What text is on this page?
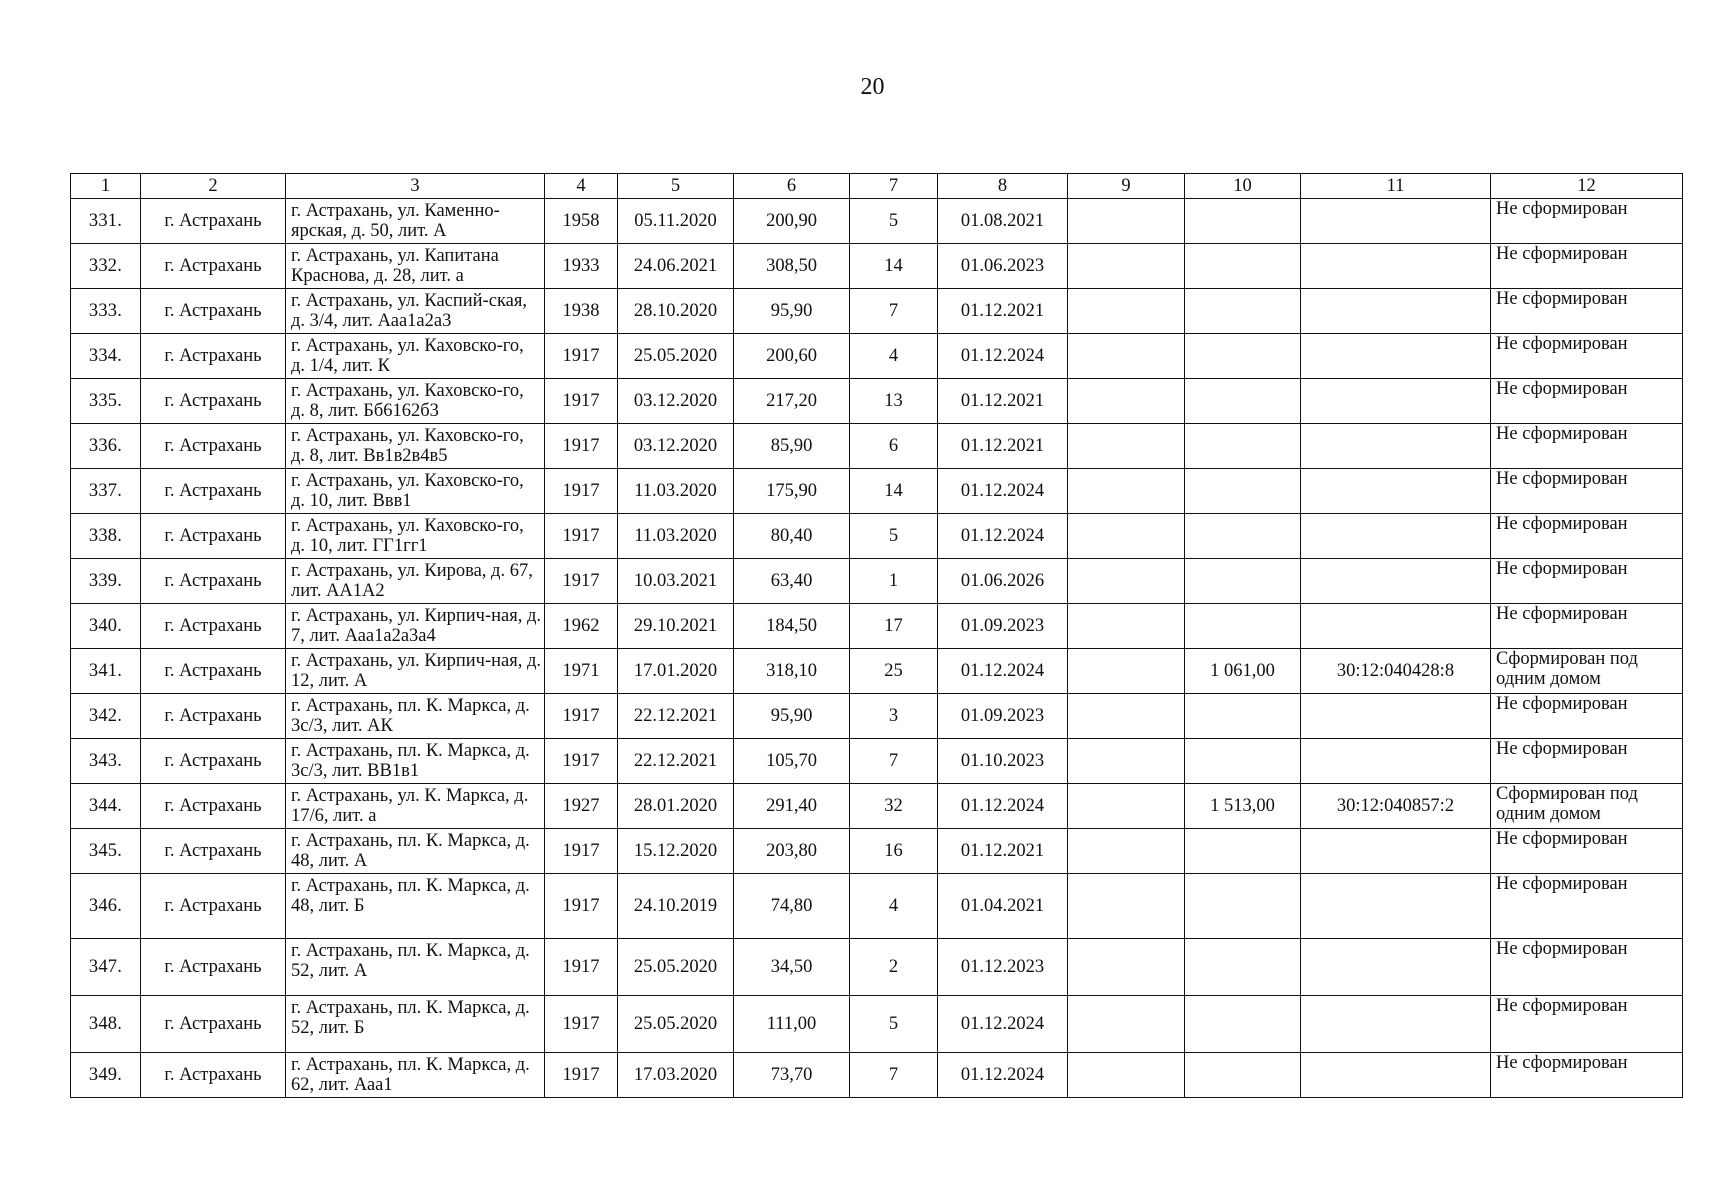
20
1	2	3	4	5	6	7	8	9	10	11	12
331.	г. Астрахань	г. Астрахань, ул. Каменно-ярская, д. 50, лит. А	1958	05.11.2020	200,90	5	01.08.2021				Не сформирован
332.	г. Астрахань	г. Астрахань, ул. Капитана Краснова, д. 28, лит. а	1933	24.06.2021	308,50	14	01.06.2023				Не сформирован
333.	г. Астрахань	г. Астрахань, ул. Каспий-ская, д. 3/4, лит. Ааа1а2а3	1938	28.10.2020	95,90	7	01.12.2021				Не сформирован
334.	г. Астрахань	г. Астрахань, ул. Каховско-го, д. 1/4, лит. К	1917	25.05.2020	200,60	4	01.12.2024				Не сформирован
335.	г. Астрахань	г. Астрахань, ул. Каховско-го, д. 8, лит. Бб6162б3	1917	03.12.2020	217,20	13	01.12.2021				Не сформирован
336.	г. Астрахань	г. Астрахань, ул. Каховско-го, д. 8, лит. Вв1в2в4в5	1917	03.12.2020	85,90	6	01.12.2021				Не сформирован
337.	г. Астрахань	г. Астрахань, ул. Каховско-го, д. 10, лит. Ввв1	1917	11.03.2020	175,90	14	01.12.2024				Не сформирован
338.	г. Астрахань	г. Астрахань, ул. Каховско-го, д. 10, лит. ГГ1гг1	1917	11.03.2020	80,40	5	01.12.2024				Не сформирован
339.	г. Астрахань	г. Астрахань, ул. Кирова, д. 67, лит. АА1А2	1917	10.03.2021	63,40	1	01.06.2026				Не сформирован
340.	г. Астрахань	г. Астрахань, ул. Кирпич-ная, д. 7, лит. Ааа1а2а3а4	1962	29.10.2021	184,50	17	01.09.2023				Не сформирован
341.	г. Астрахань	г. Астрахань, ул. Кирпич-ная, д. 12, лит. А	1971	17.01.2020	318,10	25	01.12.2024		1 061,00	30:12:040428:8	Сформирован под одним домом
342.	г. Астрахань	г. Астрахань, пл. К. Маркса, д. 3с/3, лит. АК	1917	22.12.2021	95,90	3	01.09.2023				Не сформирован
343.	г. Астрахань	г. Астрахань, пл. К. Маркса, д. 3с/3, лит. ВВ1в1	1917	22.12.2021	105,70	7	01.10.2023				Не сформирован
344.	г. Астрахань	г. Астрахань, ул. К. Маркса, д. 17/6, лит. а	1927	28.01.2020	291,40	32	01.12.2024		1 513,00	30:12:040857:2	Сформирован под одним домом
345.	г. Астрахань	г. Астрахань, пл. К. Маркса, д. 48, лит. А	1917	15.12.2020	203,80	16	01.12.2021				Не сформирован
346.	г. Астрахань	г. Астрахань, пл. К. Маркса, д. 48, лит. Б	1917	24.10.2019	74,80	4	01.04.2021				Не сформирован
347.	г. Астрахань	г. Астрахань, пл. К. Маркса, д. 52, лит. А	1917	25.05.2020	34,50	2	01.12.2023				Не сформирован
348.	г. Астрахань	г. Астрахань, пл. К. Маркса, д. 52, лит. Б	1917	25.05.2020	111,00	5	01.12.2024				Не сформирован
349.	г. Астрахань	г. Астрахань, пл. К. Маркса, д. 62, лит. Ааа1	1917	17.03.2020	73,70	7	01.12.2024				Не сформирован
